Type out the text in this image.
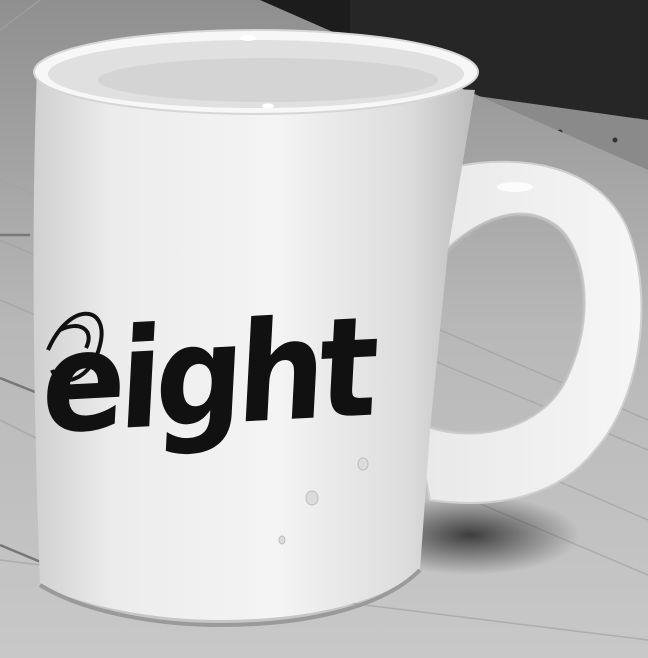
eight
